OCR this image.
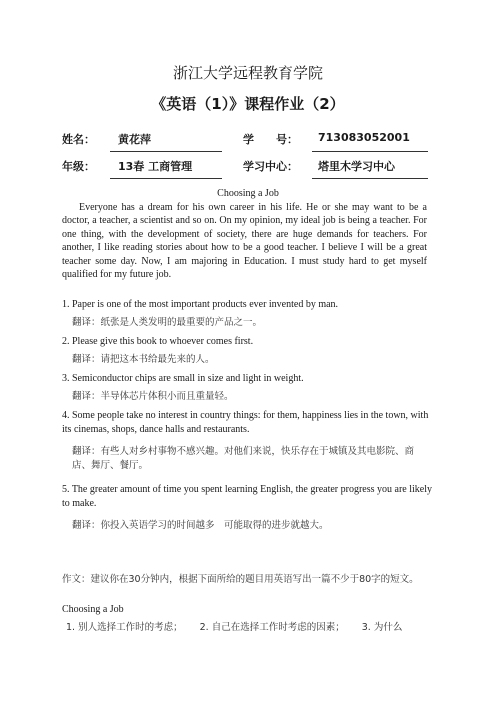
浙江大学远程教育学院
《英语（1）》课程作业（2）
姓名： 黄花萍	学　　号： 713083052001
年级： 13春 工商管理	学习中心： 塔里木学习中心
Choosing a Job

Everyone has a dream for his own career in his life. He or she may want to be a doctor, a teacher, a scientist and so on. On my opinion, my ideal job is being a teacher. For one thing, with the development of society, there are huge demands for teachers. For another, I like reading stories about how to be a good teacher. I believe I will be a great teacher some day. Now, I am majoring in Education. I must study hard to get myself qualified for my future job.

1. Paper is one of the most important products ever invented by man.

翻译：纸张是人类发明的最重要的产品之一。

2. Please give this book to whoever comes first.

翻译：请把这本书给最先来的人。

3. Semiconductor chips are small in size and light in weight.

翻译：半导体芯片体积小而且重量轻。

4. Some people take no interest in country things: for them, happiness lies in the town, with its cinemas, shops, dance halls and restaurants.

翻译：有些人对乡村事物不感兴趣。对他们来说，快乐存在于城镇及其电影院、商店、舞厅、餐厅。

5. The greater amount of time you spent learning English, the greater progress you are likely to make.

翻译：你投入英语学习的时间越多　可能取得的进步就越大。

作文：建议你在30分钟内，根据下面所给的题目用英语写出一篇不少于80字的短文。

Choosing a Job
1. 别人选择工作时的考虑； 2. 自己在选择工作时考虑的因素； 3. 为什么
